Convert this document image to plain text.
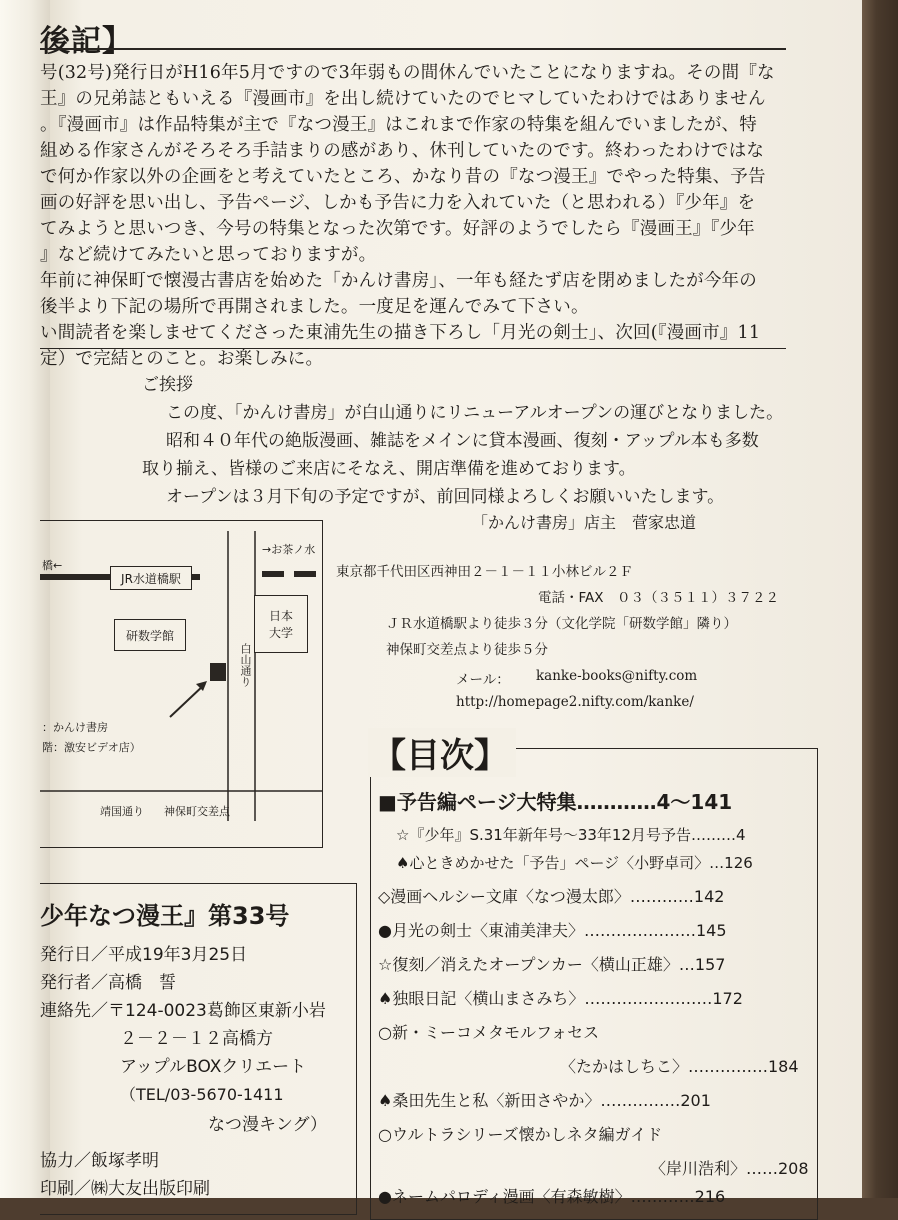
後記】
号(32号)発行日がH16年5月ですので3年弱もの間休んでいたことになりますね。その間『な
王』の兄弟誌ともいえる『漫画市』を出し続けていたのでヒマしていたわけではありません
。『漫画市』は作品特集が主で『なつ漫王』はこれまで作家の特集を組んでいましたが、特
組める作家さんがそろそろ手詰まりの感があり、休刊していたのです。終わったわけではな
で何か作家以外の企画をと考えていたところ、かなり昔の『なつ漫王』でやった特集、予告
画の好評を思い出し、予告ページ、しかも予告に力を入れていた（と思われる）『少年』を
てみようと思いつき、今号の特集となった次第です。好評のようでしたら『漫画王』『少年
』など続けてみたいと思っておりますが。
年前に神保町で懐漫古書店を始めた「かんけ書房」、一年も経たず店を閉めましたが今年の
後半より下記の場所で再開されました。一度足を運んでみて下さい。
い間読者を楽しませてくださった東浦先生の描き下ろし「月光の剣士」、次回(『漫画市』11
定）で完結とのこと。お楽しみに。
ご挨拶
この度、「かんけ書房」が白山通りにリニューアルオープンの運びとなりました。
昭和４０年代の絶版漫画、雑誌をメインに貸本漫画、復刻・アップル本も多数
取り揃え、皆様のご来店にそなえ、開店準備を進めております。
オープンは３月下旬の予定ですが、前回同様よろしくお願いいたします。
「かんけ書房」店主　菅家忠道
橋←
→お茶ノ水
JR水道橋駅
日本
大学
研数学館
白山通り
：かんけ書房
階：激安ビデオ店）
靖国通り 神保町交差点
東京都千代田区西神田２－１－１１小林ビル２Ｆ
電話・FAX　０３（３５１１）３７２２
ＪＲ水道橋駅より徒歩３分（文化学院「研数学館」隣り）
神保町交差点より徒歩５分
メール： kanke-books@nifty.com
http://homepage2.nifty.com/kanke/
少年なつ漫王』第33号
発行日／平成19年3月25日
発行者／高橋　誓
連絡先／〒124-0023葛飾区東新小岩
２－２－１２高橋方
アップルBOXクリエート
（TEL/03-5670-1411
なつ漫キング）
協力／飯塚孝明
印刷／㈱大友出版印刷
【目次】
■予告編ページ大特集…………4～141
☆『少年』S.31年新年号～33年12月号予告………4
♠心ときめかせた「予告」ページ〈小野卓司〉…126
◇漫画ヘルシー文庫〈なつ漫太郎〉…………142
●月光の剣士〈東浦美津夫〉…………………145
☆復刻／消えたオープンカー〈横山正雄〉…157
♠独眼日記〈横山まさみち〉……………………172
○新・ミーコメタモルフォセス
〈たかはしちこ〉……………184
♠桑田先生と私〈新田さやか〉……………201
○ウルトラシリーズ懐かしネタ編ガイド
〈岸川浩利〉……208
●ネームパロディ漫画〈有森敏樹〉…………216
